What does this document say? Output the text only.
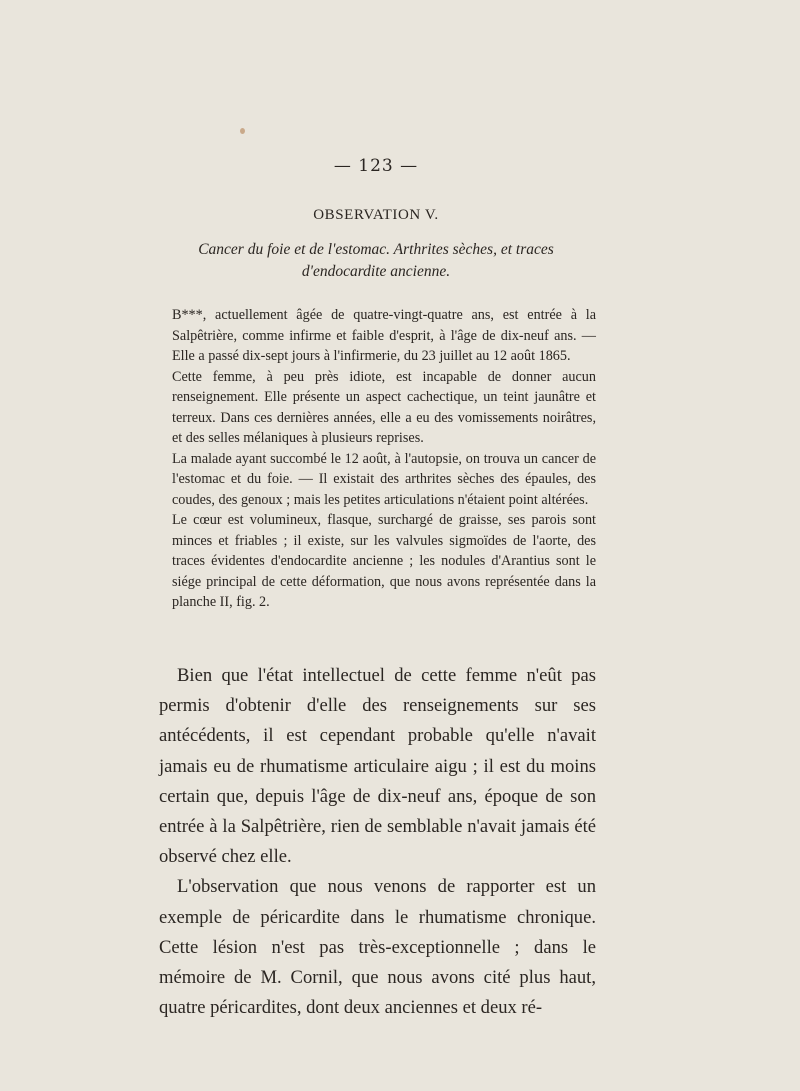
— 123 —
OBSERVATION V.
Cancer du foie et de l'estomac. Arthrites sèches, et traces d'endocardite ancienne.

B***, actuellement âgée de quatre-vingt-quatre ans, est entrée à la Salpêtrière, comme infirme et faible d'esprit, à l'âge de dix-neuf ans. — Elle a passé dix-sept jours à l'infirmerie, du 23 juillet au 12 août 1865.

Cette femme, à peu près idiote, est incapable de donner aucun renseignement. Elle présente un aspect cachectique, un teint jaunâtre et terreux. Dans ces dernières années, elle a eu des vomissements noirâtres, et des selles mélaniques à plusieurs reprises.

La malade ayant succombé le 12 août, à l'autopsie, on trouva un cancer de l'estomac et du foie. — Il existait des arthrites sèches des épaules, des coudes, des genoux ; mais les petites articulations n'étaient point altérées.

Le cœur est volumineux, flasque, surchargé de graisse, ses parois sont minces et friables ; il existe, sur les valvules sigmoïdes de l'aorte, des traces évidentes d'endocardite ancienne ; les nodules d'Arantius sont le siége principal de cette déformation, que nous avons représentée dans la planche II, fig. 2.

Bien que l'état intellectuel de cette femme n'eût pas permis d'obtenir d'elle des renseignements sur ses antécédents, il est cependant probable qu'elle n'avait jamais eu de rhumatisme articulaire aigu ; il est du moins certain que, depuis l'âge de dix-neuf ans, époque de son entrée à la Salpêtrière, rien de semblable n'avait jamais été observé chez elle.

L'observation que nous venons de rapporter est un exemple de péricardite dans le rhumatisme chronique. Cette lésion n'est pas très-exceptionnelle ; dans le mémoire de M. Cornil, que nous avons cité plus haut, quatre péricardites, dont deux anciennes et deux ré-
